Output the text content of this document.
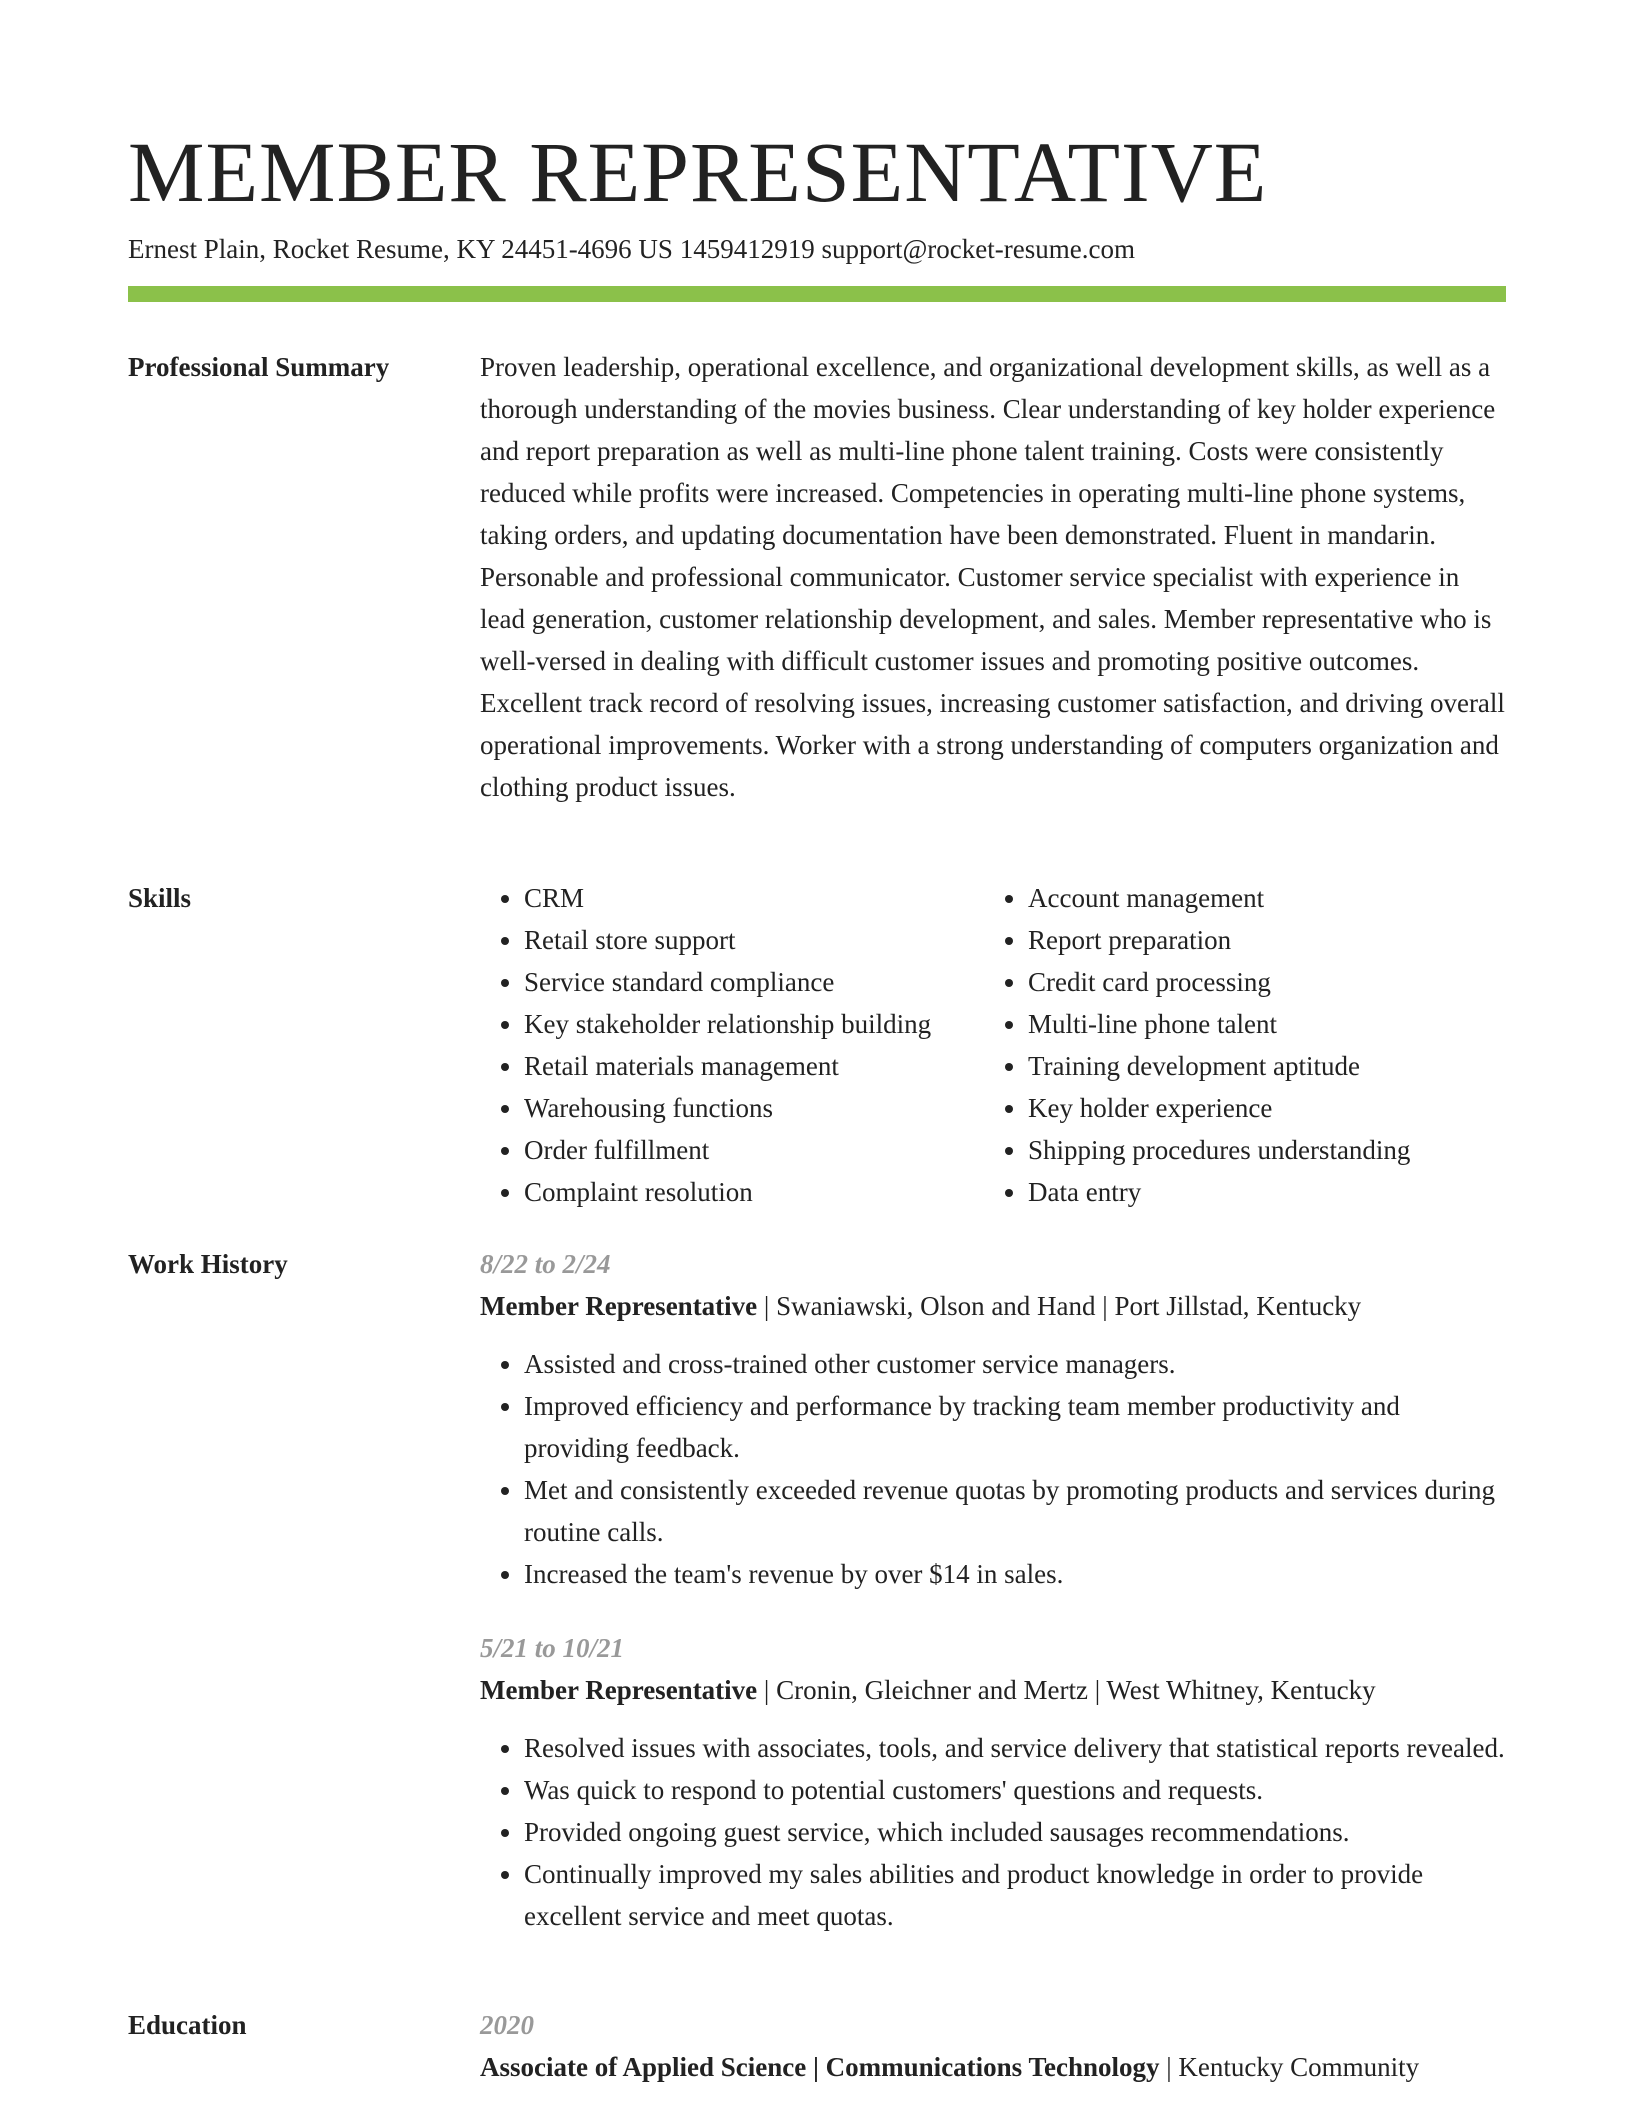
MEMBER REPRESENTATIVE
Ernest Plain, Rocket Resume, KY 24451-4696 US 1459412919 support@rocket-resume.com
Professional Summary	Proven leadership, operational excellence, and organizational development skills, as well as a thorough understanding of the movies business. Clear understanding of key holder experience and report preparation as well as multi-line phone talent training. Costs were consistently reduced while profits were increased. Competencies in operating multi-line phone systems, taking orders, and updating documentation have been demonstrated. Fluent in mandarin. Personable and professional communicator. Customer service specialist with experience in lead generation, customer relationship development, and sales. Member representative who is well-versed in dealing with difficult customer issues and promoting positive outcomes. Excellent track record of resolving issues, increasing customer satisfaction, and driving overall operational improvements. Worker with a strong understanding of computers organization and clothing product issues.

Skills
•	CRM
• Retail store support
• Service standard compliance
• Key stakeholder relationship building
• Retail materials management
• Warehousing functions
• Order fulfillment
• Complaint resolution
• Account management
• Report preparation
• Credit card processing
• Multi-line phone talent
• Training development aptitude
• Key holder experience
• Shipping procedures understanding
• Data entry
Work History	8/22 to 2/24
Member Representative | Swaniawski, Olson and Hand | Port Jillstad, Kentucky
• Assisted and cross-trained other customer service managers.
• Improved efficiency and performance by tracking team member productivity and providing feedback.
• Met and consistently exceeded revenue quotas by promoting products and services during routine calls.
• Increased the team's revenue by over $14 in sales.
5/21 to 10/21
Member Representative | Cronin, Gleichner and Mertz | West Whitney, Kentucky
• Resolved issues with associates, tools, and service delivery that statistical reports revealed.
• Was quick to respond to potential customers' questions and requests.
• Provided ongoing guest service, which included sausages recommendations.
• Continually improved my sales abilities and product knowledge in order to provide excellent service and meet quotas.
Education	2020
Associate of Applied Science | Communications Technology | Kentucky Community
